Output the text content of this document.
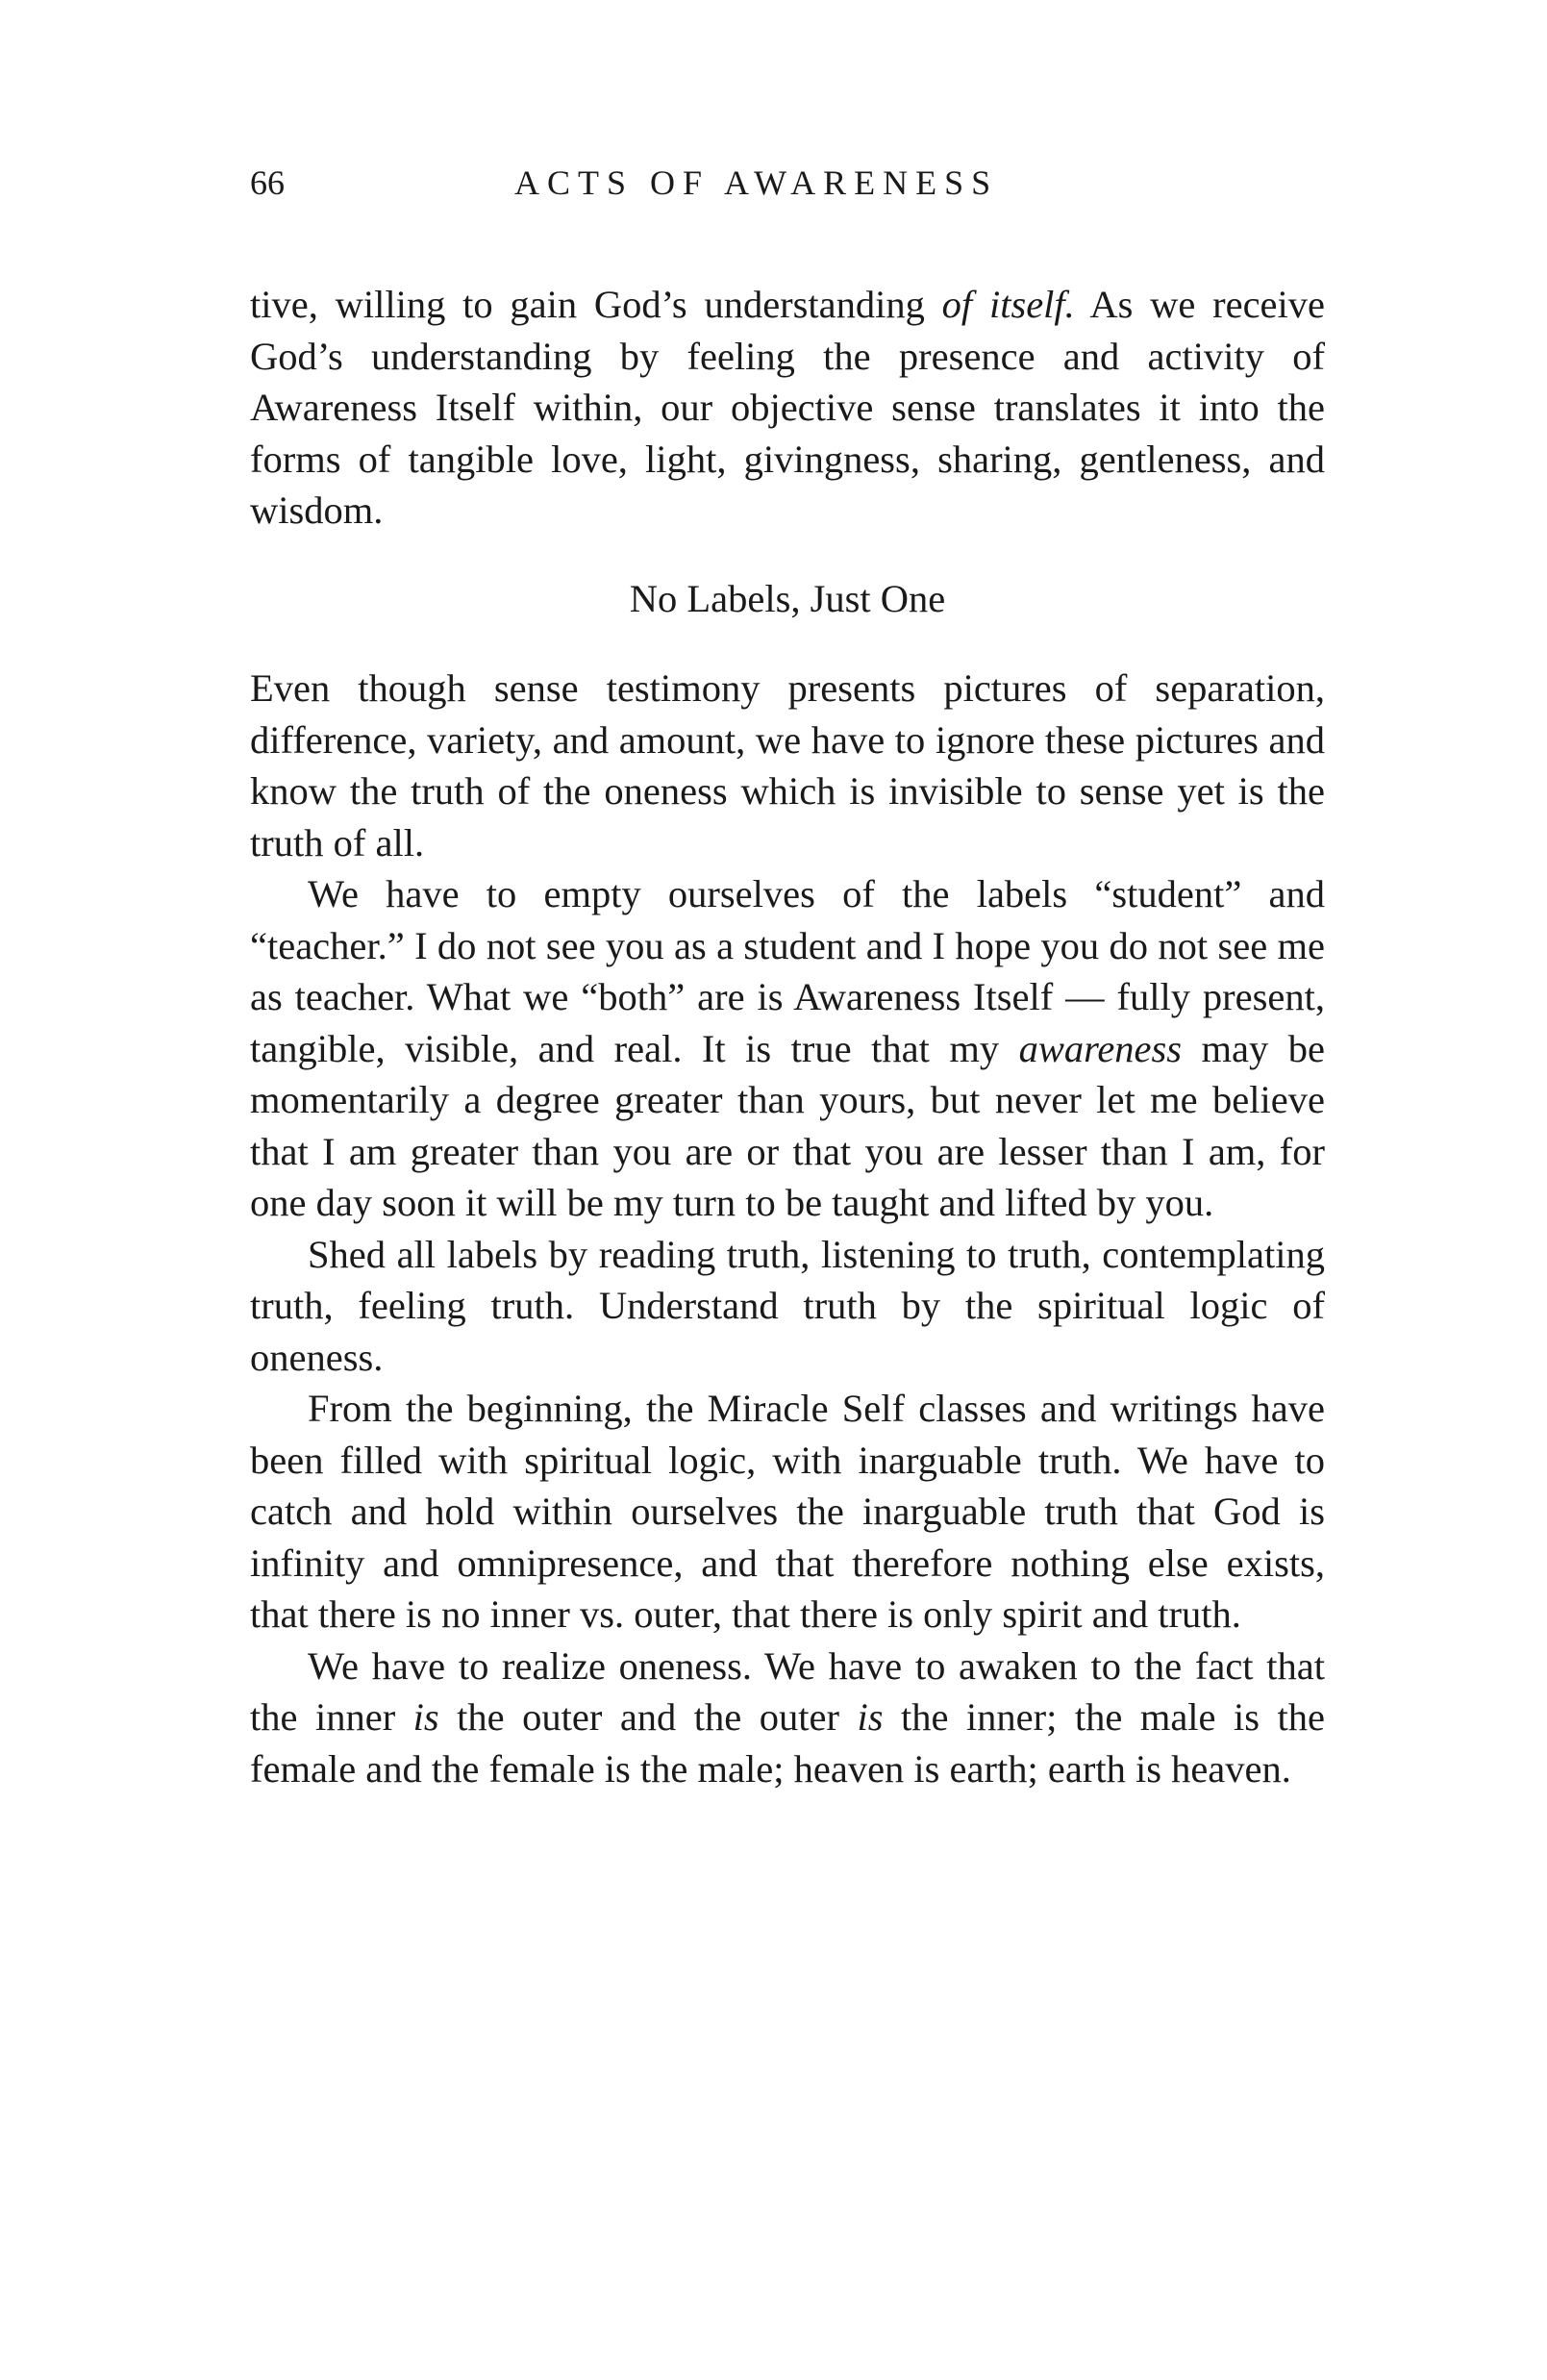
66	ACTS OF AWARENESS

tive, willing to gain God’s understanding of itself. As we receive God’s understanding by feeling the presence and activity of Awareness Itself within, our objective sense translates it into the forms of tangible love, light, givingness, sharing, gentleness, and wisdom.

No Labels, Just One

Even though sense testimony presents pictures of separation, difference, variety, and amount, we have to ignore these pictures and know the truth of the oneness which is invisible to sense yet is the truth of all.

We have to empty ourselves of the labels “student” and “teacher.” I do not see you as a student and I hope you do not see me as teacher. What we “both” are is Awareness Itself — fully present, tangible, visible, and real. It is true that my awareness may be momentarily a degree greater than yours, but never let me believe that I am greater than you are or that you are lesser than I am, for one day soon it will be my turn to be taught and lifted by you.

Shed all labels by reading truth, listening to truth, contemplating truth, feeling truth. Understand truth by the spiritual logic of oneness.

From the beginning, the Miracle Self classes and writings have been filled with spiritual logic, with inarguable truth. We have to catch and hold within ourselves the inarguable truth that God is infinity and omnipresence, and that therefore nothing else exists, that there is no inner vs. outer, that there is only spirit and truth.

We have to realize oneness. We have to awaken to the fact that the inner is the outer and the outer is the inner; the male is the female and the female is the male; heaven is earth; earth is heaven.
